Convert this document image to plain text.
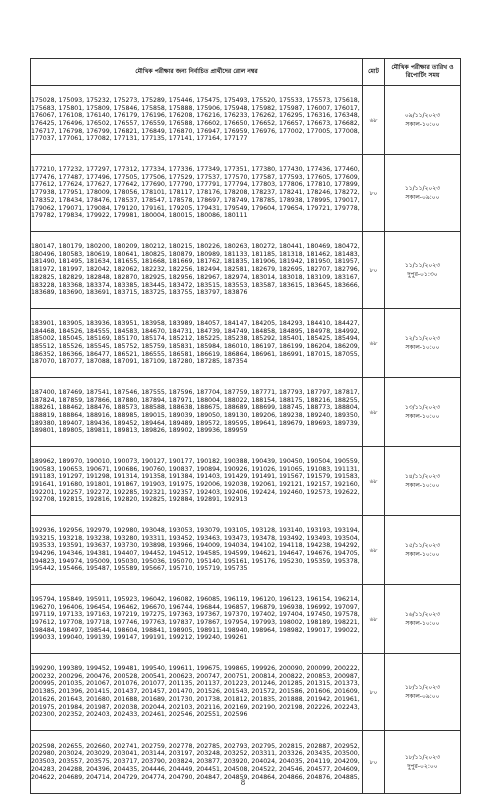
মৌখিক পরীক্ষার জন্য নির্বাচিত প্রার্থীদের রোল নম্বর	মোট	মৌখিক পরীক্ষার তারিখ ও রিপোর্টিং সময়
175028, 175093, 175232, 175273, 175289, 175446, 175475, 175493, 175520, 175533, 175573, 175618, 175683, 175801, 175809, 175846, 175858, 175888, 175906, 175948, 175982, 175987, 176007, 176017, 176067, 176108, 176140, 176179, 176196, 176208, 176216, 176233, 176262, 176295, 176316, 176348, 176425, 176496, 176502, 176557, 176559, 176588, 176602, 176650, 176652, 176657, 176673, 176682, 176717, 176798, 176799, 176821, 176849, 176870, 176947, 176959, 176976, 177002, 177005, 177008, 177037, 177061, 177082, 177131, 177135, 177141, 177164, 177177	৬৮	০৯/১১/২০২৩
সকাল-১০:০০

177210, 177232, 177297, 177312, 177334, 177336, 177349, 177351, 177380, 177430, 177436, 177460, 177476, 177487, 177496, 177505, 177506, 177529, 177537, 177570, 177587, 177593, 177605, 177609, 177612, 177624, 177627, 177642, 177690, 177790, 177791, 177794, 177803, 177806, 177810, 177899, 177938, 177951, 178009, 178056, 178101, 178117, 178176, 178208, 178237, 178241, 178246, 178272, 178352, 178434, 178476, 178537, 178547, 178578, 178697, 178749, 178785, 178938, 178995, 179017, 179062, 179071, 179084, 179120, 179161, 179205, 179431, 179549, 179604, 179654, 179721, 179778, 179782, 179834, 179922, 179981, 180004, 180015, 180086, 180111	৮০	১১/১১/২০২৩
সকাল-০৯:০০

180147, 180179, 180200, 180209, 180212, 180215, 180226, 180263, 180272, 180441, 180469, 180472, 180496, 180583, 180619, 180641, 180825, 180879, 180989, 181133, 181185, 181318, 181462, 181483, 181490, 181495, 181634, 181655, 181668, 181669, 181762, 181835, 181906, 181942, 181950, 181957, 181972, 181997, 182042, 182062, 182232, 182256, 182494, 182581, 182679, 182695, 182707, 182796, 182825, 182829, 182848, 182870, 182925, 182956, 182967, 182974, 183014, 183018, 183109, 183167, 183228, 183368, 183374, 183385, 183445, 183472, 183515, 183553, 183587, 183615, 183645, 183666, 183689, 183690, 183691, 183715, 183725, 183755, 183797, 183876	৮০	১১/১১/২০২৩
দুপুর-০১:৩০

183901, 183905, 183936, 183951, 183958, 183989, 184057, 184147, 184205, 184293, 184410, 184427, 184468, 184526, 184555, 184583, 184670, 184731, 184739, 184749, 184858, 184895, 184978, 184992, 185002, 185045, 185169, 185170, 185174, 185212, 185225, 185238, 185292, 185401, 185425, 185494, 185512, 185526, 185545, 185752, 185759, 185831, 185984, 186010, 186197, 186199, 186204, 186209, 186352, 186366, 186477, 186521, 186555, 186581, 186619, 186864, 186961, 186991, 187015, 187055, 187070, 187077, 187088, 187091, 187109, 187280, 187285, 187354	৬৮	১২/১১/২০২৩
সকাল-১০:০০

187400, 187469, 187541, 187546, 187555, 187596, 187704, 187759, 187771, 187793, 187797, 187817, 187824, 187859, 187866, 187880, 187894, 187971, 188004, 188022, 188154, 188175, 188216, 188255, 188261, 188462, 188476, 188573, 188588, 188638, 188675, 188689, 188699, 188745, 188773, 188804, 188819, 188864, 188916, 188985, 189015, 189039, 189050, 189130, 189206, 189238, 189240, 189350, 189380, 189407, 189436, 189452, 189464, 189489, 189572, 189595, 189641, 189679, 189693, 189739, 189801, 189805, 189811, 189813, 189826, 189902, 189936, 189959	৬৮	১৩/১১/২০২৩
সকাল-১০:০০

189962, 189970, 190010, 190073, 190127, 190177, 190182, 190388, 190439, 190450, 190504, 190559, 190583, 190653, 190671, 190686, 190760, 190837, 190894, 190926, 191026, 191065, 191083, 191131, 191183, 191297, 191298, 191314, 191358, 191384, 191403, 191429, 191491, 191567, 191579, 191583, 191641, 191680, 191801, 191867, 191903, 191975, 192006, 192038, 192061, 192121, 192157, 192160, 192201, 192257, 192272, 192285, 192321, 192357, 192403, 192406, 192424, 192460, 192573, 192622, 192708, 192815, 192816, 192820, 192825, 192884, 192891, 192913	৬৮	১৪/১১/২০২৩
সকাল-১০:০০

192936, 192956, 192979, 192980, 193048, 193053, 193079, 193105, 193128, 193140, 193193, 193194, 193215, 193218, 193238, 193280, 193311, 193452, 193463, 193473, 193478, 193492, 193493, 193504, 193533, 193591, 193637, 193730, 193898, 193966, 194009, 194034, 194102, 194118, 194238, 194292, 194296, 194346, 194381, 194407, 194452, 194512, 194585, 194599, 194621, 194647, 194676, 194705, 194823, 194974, 195009, 195030, 195036, 195070, 195140, 195161, 195176, 195230, 195359, 195378, 195442, 195466, 195487, 195589, 195667, 195710, 195719, 195735	৬৮	১৫/১১/২০২৩
সকাল-১০:০০

195794, 195849, 195911, 195923, 196042, 196082, 196085, 196119, 196120, 196123, 196154, 196214, 196270, 196406, 196454, 196462, 196670, 196744, 196844, 196857, 196879, 196938, 196992, 197097, 197119, 197133, 197163, 197219, 197275, 197363, 197367, 197370, 197402, 197404, 197450, 197578, 197612, 197708, 197718, 197746, 197763, 197837, 197867, 197954, 197993, 198002, 198189, 198221, 198484, 198497, 198544, 198604, 198841, 198905, 198911, 198940, 198964, 198982, 199017, 199022, 199033, 199040, 199139, 199147, 199191, 199212, 199240, 199261	৬৮	১৬/১১/২০২৩
সকাল-১০:০০

199290, 199389, 199452, 199481, 199540, 199611, 199675, 199865, 199926, 200090, 200099, 200222, 200232, 200296, 200476, 200528, 200541, 200623, 200747, 200751, 200814, 200822, 200853, 200987, 200995, 201035, 201067, 201076, 201077, 201135, 201137, 201223, 201246, 201285, 201315, 201373, 201385, 201396, 201415, 201437, 201457, 201470, 201526, 201543, 201572, 201586, 201606, 201609, 201626, 201643, 201680, 201688, 201689, 201730, 201738, 201812, 201835, 201888, 201942, 201961, 201975, 201984, 201987, 202038, 202044, 202103, 202116, 202169, 202190, 202198, 202226, 202243, 202300, 202352, 202403, 202433, 202461, 202546, 202551, 202596	৮০	১৮/১১/২০২৩
সকাল-০৯:০০

202598, 202655, 202660, 202741, 202759, 202778, 202785, 202793, 202795, 202815, 202887, 202952, 202980, 203024, 203029, 203041, 203144, 203197, 203248, 203252, 203311, 203326, 203435, 203500, 203503, 203557, 203575, 203717, 203790, 203824, 203877, 203920, 204024, 204035, 204119, 204209, 204283, 204288, 204396, 204435, 204446, 204449, 204451, 204508, 204522, 204546, 204577, 204609, 204622, 204689, 204714, 204729, 204774, 204790, 204847, 204859, 204864, 204866, 204876, 204885,	৮০	১৮/১১/২০২৩
দুপুর-০২:০০
8
